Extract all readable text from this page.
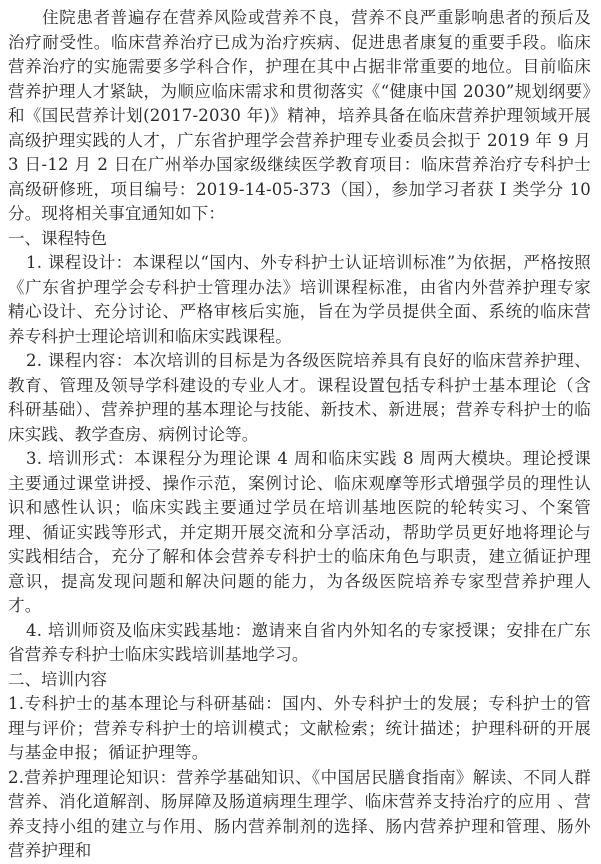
住院患者普遍存在营养风险或营养不良，营养不良严重影响患者的预后及治疗耐受性。临床营养治疗已成为治疗疾病、促进患者康复的重要手段。临床营养治疗的实施需要多学科合作，护理在其中占据非常重要的地位。目前临床营养护理人才紧缺，为顺应临床需求和贯彻落实《“健康中国 2030”规划纲要》和《国民营养计划(2017-2030 年)》精神，培养具备在临床营养护理领域开展高级护理实践的人才，广东省护理学会营养护理专业委员会拟于 2019 年 9 月 3 日-12 月 2 日在广州举办国家级继续医学教育项目：临床营养治疗专科护士高级研修班，项目编号：2019-14-05-373（国），参加学习者获 I 类学分 10 分。现将相关事宜通知如下：

一、课程特色

1. 课程设计：本课程以“国内、外专科护士认证培训标准”为依据，严格按照《广东省护理学会专科护士管理办法》培训课程标准，由省内外营养护理专家精心设计、充分讨论、严格审核后实施，旨在为学员提供全面、系统的临床营养专科护士理论培训和临床实践课程。

2. 课程内容：本次培训的目标是为各级医院培养具有良好的临床营养护理、教育、管理及领导学科建设的专业人才。课程设置包括专科护士基本理论（含科研基础）、营养护理的基本理论与技能、新技术、新进展；营养专科护士的临床实践、教学查房、病例讨论等。

3. 培训形式：本课程分为理论课 4 周和临床实践 8 周两大模块。理论授课主要通过课堂讲授、操作示范，案例讨论、临床观摩等形式增强学员的理性认识和感性认识；临床实践主要通过学员在培训基地医院的轮转实习、个案管理、循证实践等形式，并定期开展交流和分享活动，帮助学员更好地将理论与实践相结合，充分了解和体会营养专科护士的临床角色与职责，建立循证护理意识，提高发现问题和解决问题的能力，为各级医院培养专家型营养护理人才。

4. 培训师资及临床实践基地：邀请来自省内外知名的专家授课；安排在广东省营养专科护士临床实践培训基地学习。

二、培训内容

1.专科护士的基本理论与科研基础：国内、外专科护士的发展；专科护士的管理与评价；营养专科护士的培训模式；文献检索；统计描述；护理科研的开展与基金申报；循证护理等。

2.营养护理理论知识：营养学基础知识、《中国居民膳食指南》解读、不同人群营养、消化道解剖、肠屏障及肠道病理生理学、临床营养支持治疗的应用 、营养支持小组的建立与作用、肠内营养制剂的选择、肠内营养护理和管理、肠外营养护理和
